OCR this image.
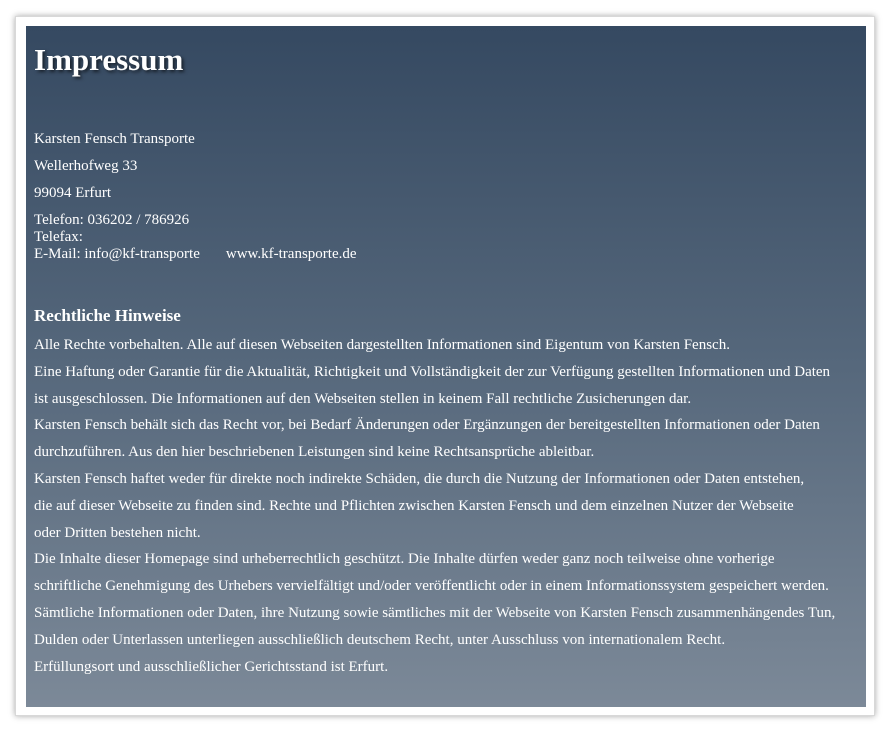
Impressum

Karsten Fensch Transporte

Wellerhofweg 33

99094 Erfurt

Telefon: 036202 / 786926
Telefax:
E-Mail: info@kf-transporte www.kf-transporte.de
Rechtliche Hinweise
Alle Rechte vorbehalten. Alle auf diesen Webseiten dargestellten Informationen sind Eigentum von Karsten Fensch.
Eine Haftung oder Garantie für die Aktualität, Richtigkeit und Vollständigkeit der zur Verfügung gestellten Informationen und Daten
ist ausgeschlossen. Die Informationen auf den Webseiten stellen in keinem Fall rechtliche Zusicherungen dar.
Karsten Fensch behält sich das Recht vor, bei Bedarf Änderungen oder Ergänzungen der bereitgestellten Informationen oder Daten
durchzuführen. Aus den hier beschriebenen Leistungen sind keine Rechtsansprüche ableitbar.
Karsten Fensch haftet weder für direkte noch indirekte Schäden, die durch die Nutzung der Informationen oder Daten entstehen,
die auf dieser Webseite zu finden sind. Rechte und Pflichten zwischen Karsten Fensch und dem einzelnen Nutzer der Webseite
oder Dritten bestehen nicht.
Die Inhalte dieser Homepage sind urheberrechtlich geschützt. Die Inhalte dürfen weder ganz noch teilweise ohne vorherige
schriftliche Genehmigung des Urhebers vervielfältigt und/oder veröffentlicht oder in einem Informationssystem gespeichert werden.
Sämtliche Informationen oder Daten, ihre Nutzung sowie sämtliches mit der Webseite von Karsten Fensch zusammenhängendes Tun,
Dulden oder Unterlassen unterliegen ausschließlich deutschem Recht, unter Ausschluss von internationalem Recht.
Erfüllungsort und ausschließlicher Gerichtsstand ist Erfurt.
